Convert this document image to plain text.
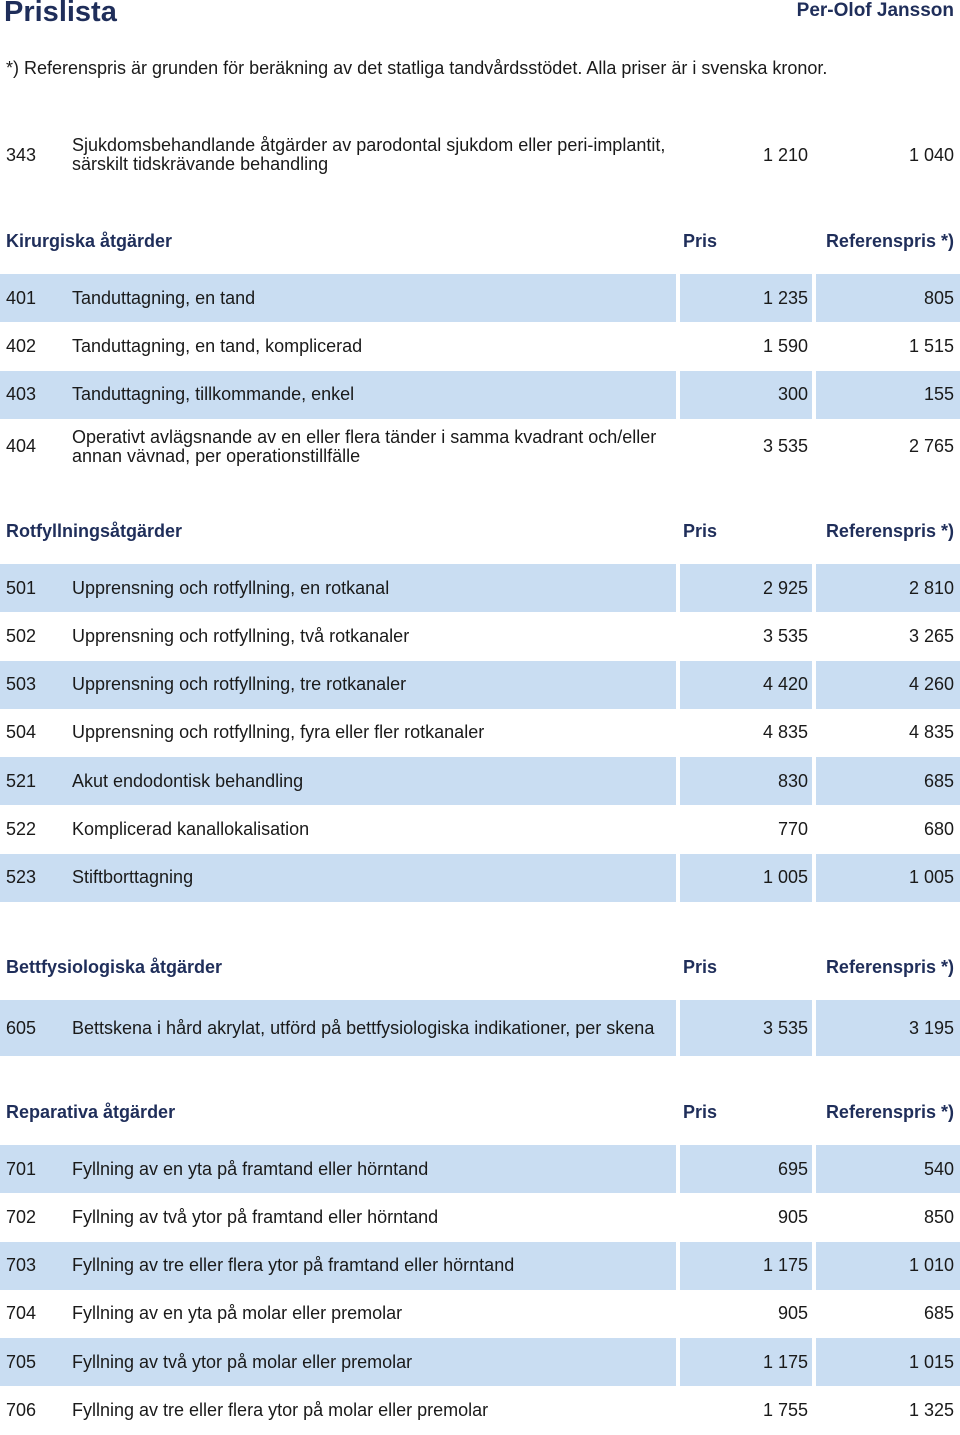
Prislista	Per-Olof Jansson
*) Referenspris är grunden för beräkning av det statliga tandvårdsstödet. Alla priser är i svenska kronor.
343	Sjukdomsbehandlande åtgärder av parodontal sjukdom eller peri-implantit, särskilt tidskrävande behandling	1 210	1 040
Kirurgiska åtgärder	Pris	Referenspris *)
401	Tanduttagning, en tand	1 235	805
402	Tanduttagning, en tand, komplicerad	1 590	1 515
403	Tanduttagning, tillkommande, enkel	300	155
404	Operativt avlägsnande av en eller flera tänder i samma kvadrant och/eller annan vävnad, per operationstillfälle	3 535	2 765
Rotfyllningsåtgärder	Pris	Referenspris *)
501	Upprensning och rotfyllning, en rotkanal	2 925	2 810
502	Upprensning och rotfyllning, två rotkanaler	3 535	3 265
503	Upprensning och rotfyllning, tre rotkanaler	4 420	4 260
504	Upprensning och rotfyllning, fyra eller fler rotkanaler	4 835	4 835
521	Akut endodontisk behandling	830	685
522	Komplicerad kanallokalisation	770	680
523	Stiftborttagning	1 005	1 005
Bettfysiologiska åtgärder	Pris	Referenspris *)
605	Bettskena i hård akrylat, utförd på bettfysiologiska indikationer, per skena	3 535	3 195
Reparativa åtgärder	Pris	Referenspris *)
701	Fyllning av en yta på framtand eller hörntand	695	540
702	Fyllning av två ytor på framtand eller hörntand	905	850
703	Fyllning av tre eller flera ytor på framtand eller hörntand	1 175	1 010
704	Fyllning av en yta på molar eller premolar	905	685
705	Fyllning av två ytor på molar eller premolar	1 175	1 015
706	Fyllning av tre eller flera ytor på molar eller premolar	1 755	1 325
